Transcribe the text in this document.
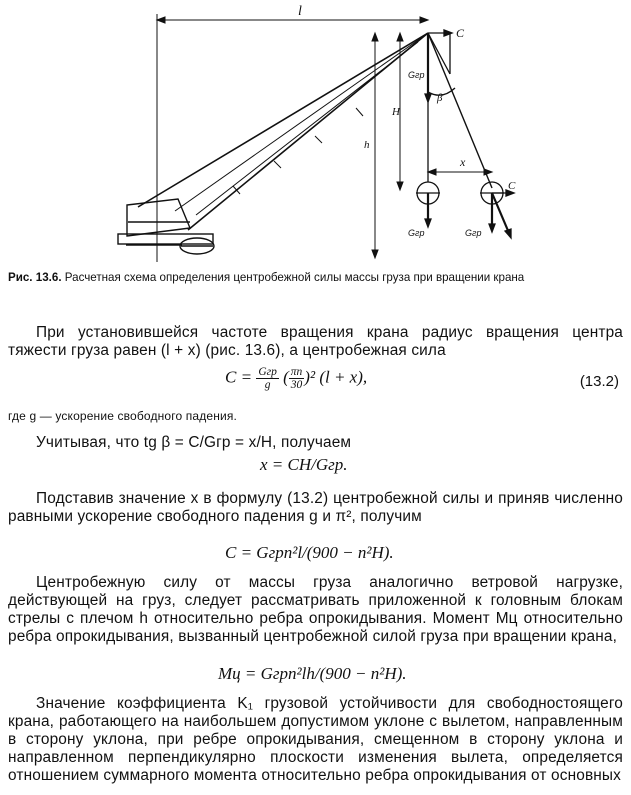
l
C
Gгр
H
h
β
x
Gгр
C
Gгр

Рис. 13.6. Расчетная схема определения центробежной силы массы груза при вращении крана

При установившейся частоте вращения крана радиус вращения центра тяжести груза равен (l + x) (рис. 13.6), а центробежная сила

$C = \frac{\text{Gгр}}{g}$ ( $\frac{\pi n}{30} )^2$ (l + x),	(13.2)

где g — ускорение свободного падения.

Учитывая, что tg β = C/Gгр = x/H, получаем

x = CH/Gгр.

Подставив значение x в формулу (13.2) центробежной силы и приняв численно равными ускорение свободного падения g и π², получим

C = Gгрn²l/(900 − n²H).

Центробежную силу от массы груза аналогично ветровой нагрузке, действующей на груз, следует рассматривать приложенной к головным блокам стрелы с плечом h относительно ребра опрокидывания. Момент Mц относительно ребра опрокидывания, вызванный центробежной силой груза при вращении крана,

Mц = Gгрn²lh/(900 − n²H).

Значение коэффициента K₁ грузовой устойчивости для свободностоящего крана, работающего на наибольшем допустимом уклоне с вылетом, направленным в сторону уклона, при ребре опрокидывания, смещенном в сторону уклона и направленном перпендикулярно плоскости изменения вылета, определяется отношением суммарного момента относительно ребра опрокидывания от основных
